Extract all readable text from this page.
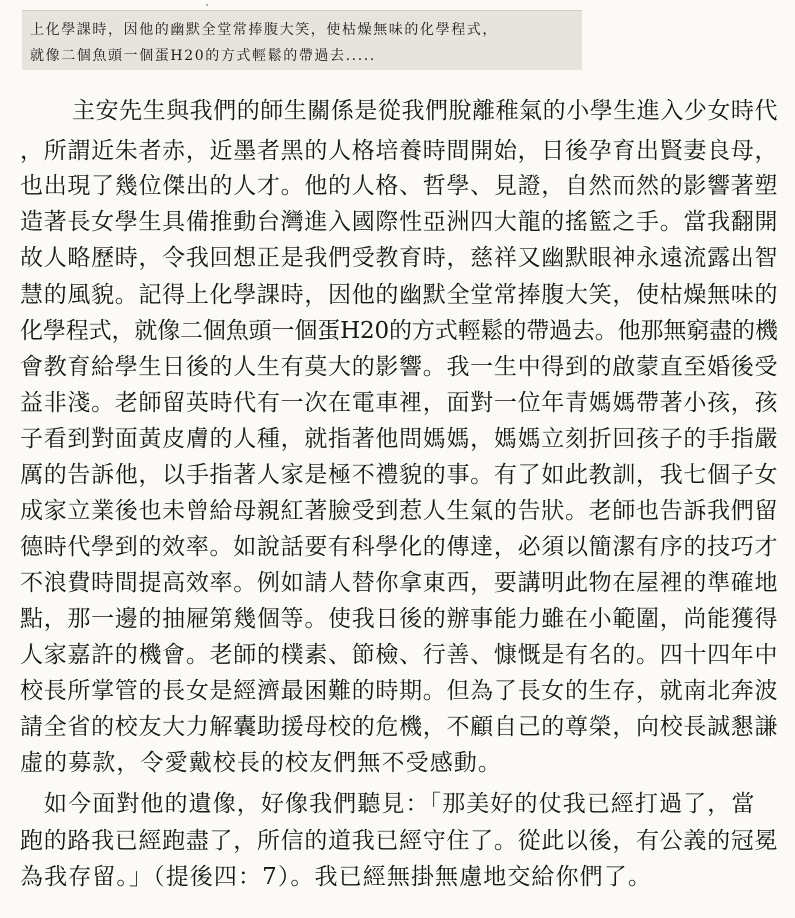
上化學課時，因他的幽默全堂常捧腹大笑，使枯燥無味的化學程式，
就像二個魚頭一個蛋H20的方式輕鬆的帶過去.....
主安先生與我們的師生關係是從我們脫離稚氣的小學生進入少女時代
，所謂近朱者赤，近墨者黑的人格培養時間開始，日後孕育出賢妻良母，
也出現了幾位傑出的人才。他的人格、哲學、見證，自然而然的影響著塑
造著長女學生具備推動台灣進入國際性亞洲四大龍的搖籃之手。當我翻開
故人略歷時，令我回想正是我們受教育時，慈祥又幽默眼神永遠流露出智
慧的風貌。記得上化學課時，因他的幽默全堂常捧腹大笑，使枯燥無味的
化學程式，就像二個魚頭一個蛋H20的方式輕鬆的帶過去。他那無窮盡的機
會教育給學生日後的人生有莫大的影響。我一生中得到的啟蒙直至婚後受
益非淺。老師留英時代有一次在電車裡，面對一位年青媽媽帶著小孩，孩
子看到對面黃皮膚的人種，就指著他問媽媽，媽媽立刻折回孩子的手指嚴
厲的告訴他，以手指著人家是極不禮貌的事。有了如此教訓，我七個子女
成家立業後也未曾給母親紅著臉受到惹人生氣的告狀。老師也告訴我們留
德時代學到的效率。如說話要有科學化的傳達，必須以簡潔有序的技巧才
不浪費時間提高效率。例如請人替你拿東西，要講明此物在屋裡的準確地
點，那一邊的抽屜第幾個等。使我日後的辦事能力雖在小範圍，尚能獲得
人家嘉許的機會。老師的樸素、節檢、行善、慷慨是有名的。四十四年中
校長所掌管的長女是經濟最困難的時期。但為了長女的生存，就南北奔波
請全省的校友大力解囊助援母校的危機，不顧自己的尊榮，向校長誠懇謙
虛的募款，令愛戴校長的校友們無不受感動。
如今面對他的遺像，好像我們聽見：「那美好的仗我已經打過了，當
跑的路我已經跑盡了，所信的道我已經守住了。從此以後，有公義的冠冕
為我存留。」（提後四：7）。我已經無掛無慮地交給你們了。
